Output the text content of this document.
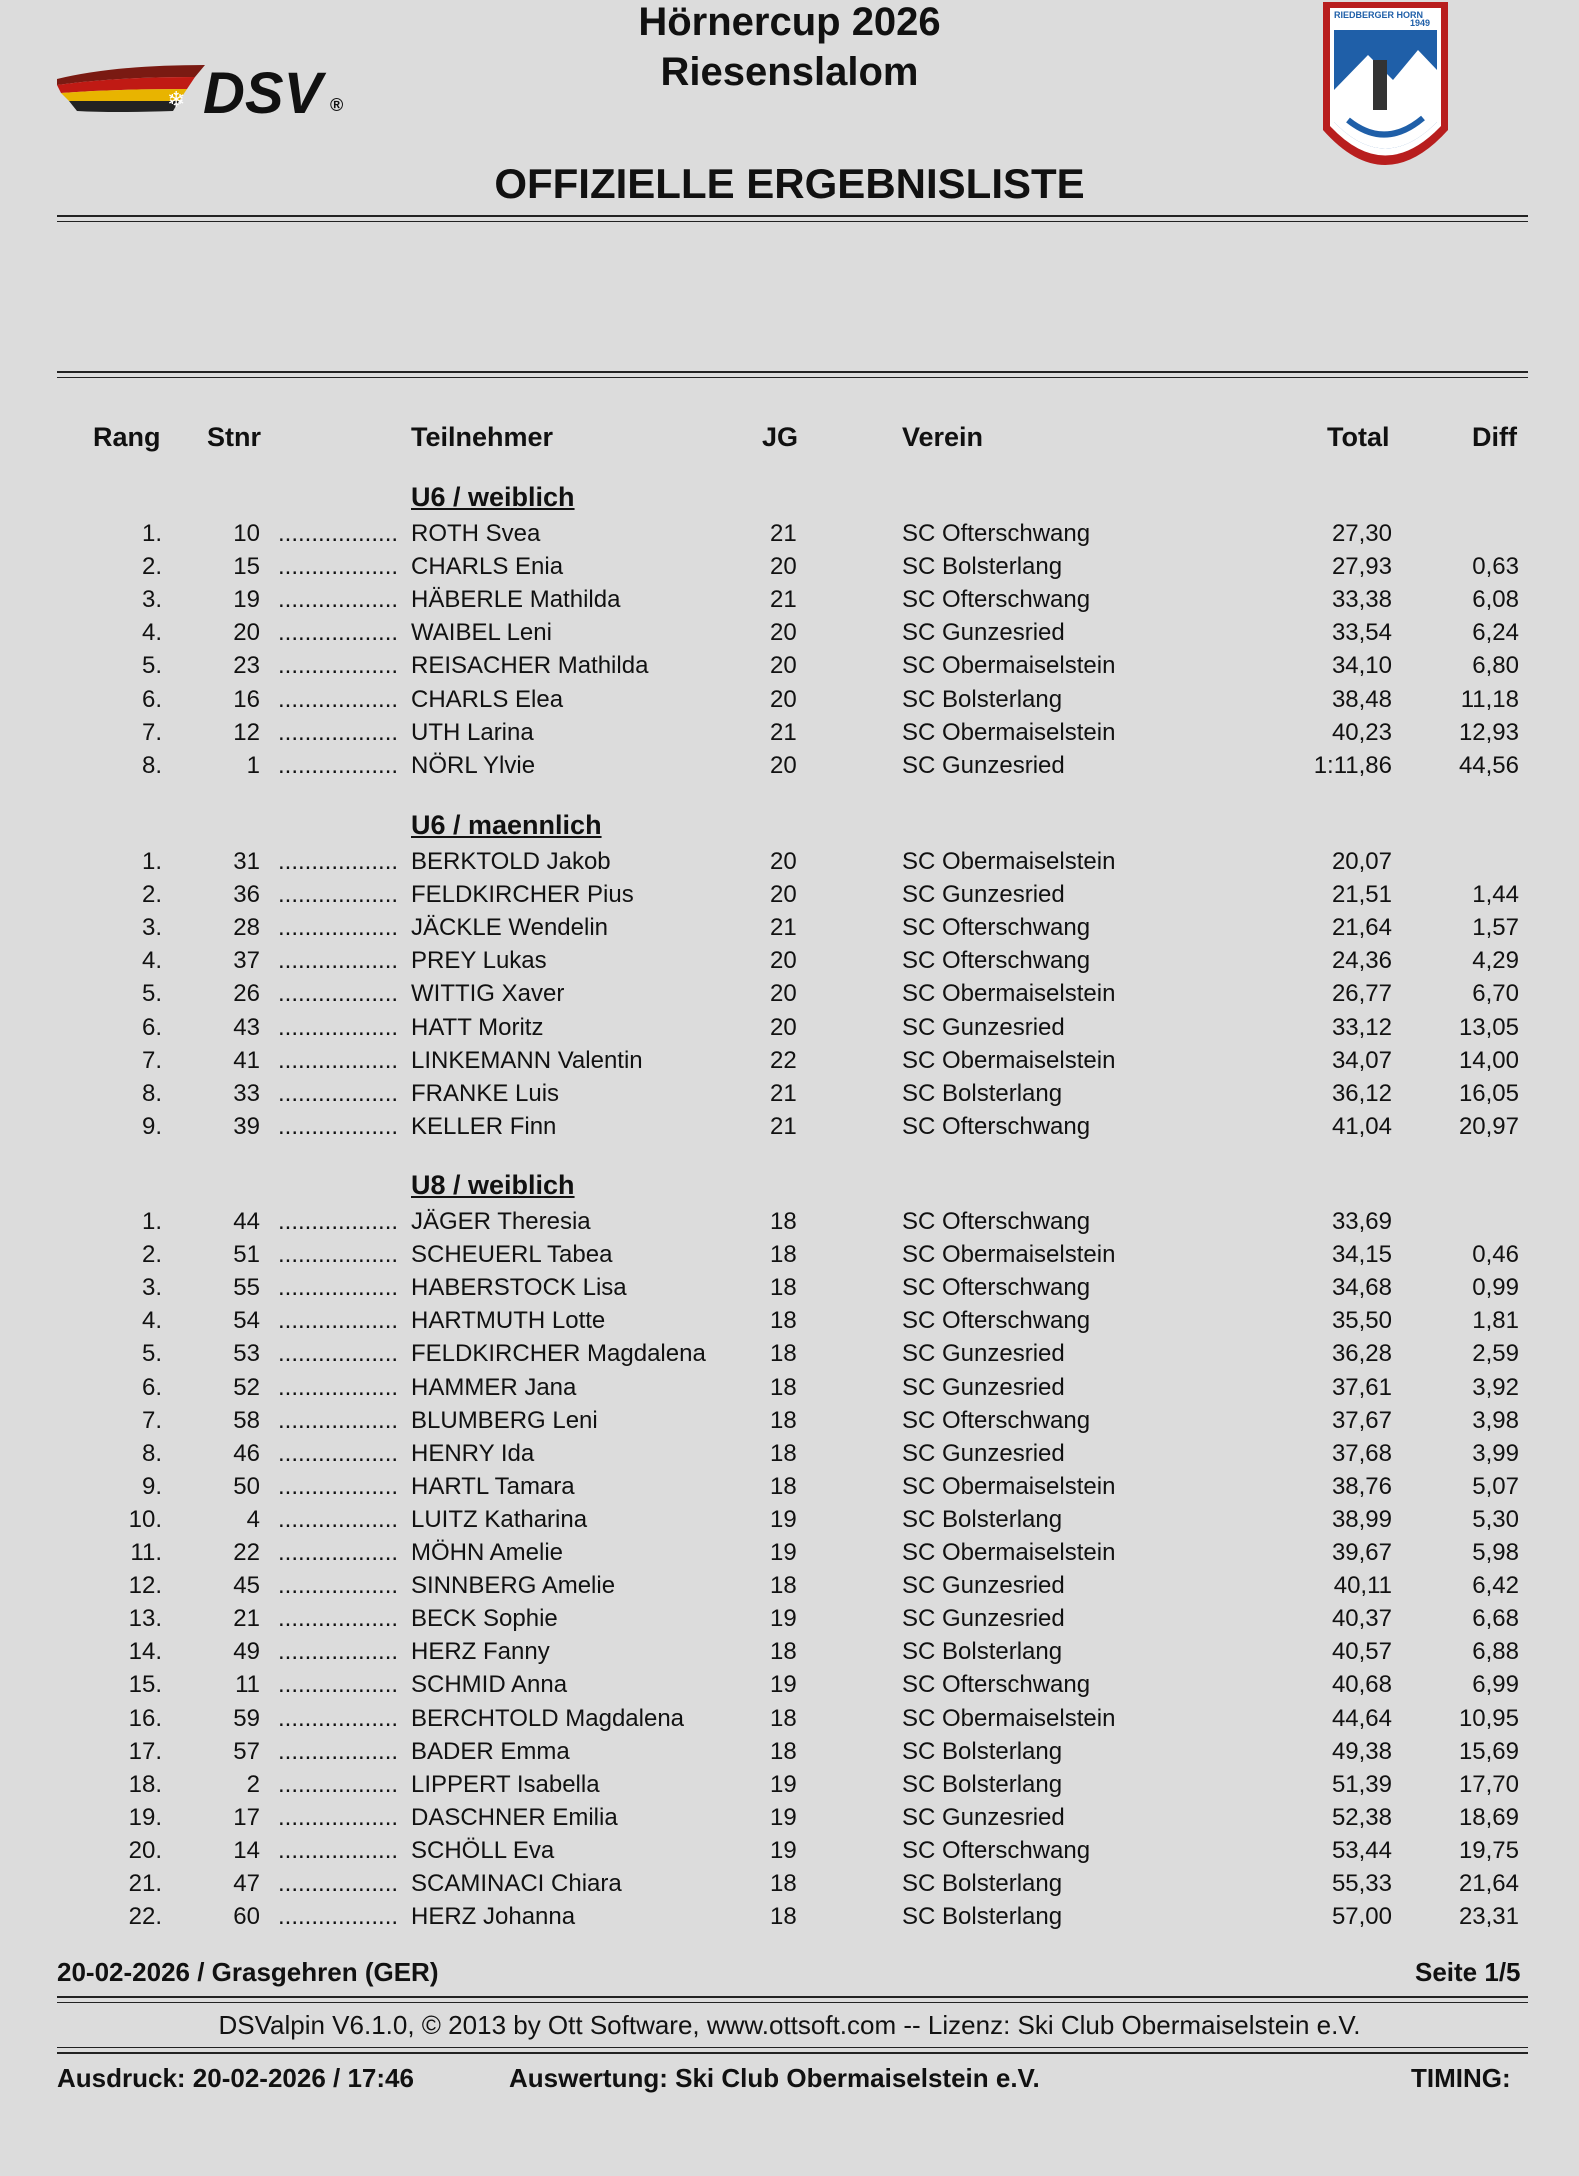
DSV ®
❄
RIEDBERGER HORN
1949
Hörnercup 2026
Riesenslalom
OFFIZIELLE ERGEBNISLISTE
Rang Stnr	Teilnehmer	JG	Verein	Total	Diff
U6 / weiblich
1.	10 .................. ROTH Svea	21	SC Ofterschwang	27,30
2.	15 .................. CHARLS Enia	20	SC Bolsterlang	27,93	0,63
3.	19 .................. HÄBERLE Mathilda	21	SC Ofterschwang	33,38	6,08
4.	20 .................. WAIBEL Leni	20	SC Gunzesried	33,54	6,24
5.	23 .................. REISACHER Mathilda	20	SC Obermaiselstein	34,10	6,80
6.	16 .................. CHARLS Elea	20	SC Bolsterlang	38,48	11,18
7.	12 .................. UTH Larina	21	SC Obermaiselstein	40,23	12,93
8.	1 .................. NÖRL Ylvie	20	SC Gunzesried	1:11,86	44,56
U6 / maennlich
1.	31 .................. BERKTOLD Jakob	20	SC Obermaiselstein	20,07
2.	36 .................. FELDKIRCHER Pius	20	SC Gunzesried	21,51	1,44
3.	28 .................. JÄCKLE Wendelin	21	SC Ofterschwang	21,64	1,57
4.	37 .................. PREY Lukas	20	SC Ofterschwang	24,36	4,29
5.	26 .................. WITTIG Xaver	20	SC Obermaiselstein	26,77	6,70
6.	43 .................. HATT Moritz	20	SC Gunzesried	33,12	13,05
7.	41 .................. LINKEMANN Valentin	22	SC Obermaiselstein	34,07	14,00
8.	33 .................. FRANKE Luis	21	SC Bolsterlang	36,12	16,05
9.	39 .................. KELLER Finn	21	SC Ofterschwang	41,04	20,97
U8 / weiblich
1.	44 .................. JÄGER Theresia	18	SC Ofterschwang	33,69
2.	51 .................. SCHEUERL Tabea	18	SC Obermaiselstein	34,15	0,46
3.	55 .................. HABERSTOCK Lisa	18	SC Ofterschwang	34,68	0,99
4.	54 .................. HARTMUTH Lotte	18	SC Ofterschwang	35,50	1,81
5.	53 .................. FELDKIRCHER Magdalena	18	SC Gunzesried	36,28	2,59
6.	52 .................. HAMMER Jana	18	SC Gunzesried	37,61	3,92
7.	58 .................. BLUMBERG Leni	18	SC Ofterschwang	37,67	3,98
8.	46 .................. HENRY Ida	18	SC Gunzesried	37,68	3,99
9.	50 .................. HARTL Tamara	18	SC Obermaiselstein	38,76	5,07
10.	4 .................. LUITZ Katharina	19	SC Bolsterlang	38,99	5,30
11.	22 .................. MÖHN Amelie	19	SC Obermaiselstein	39,67	5,98
12.	45 .................. SINNBERG Amelie	18	SC Gunzesried	40,11	6,42
13.	21 .................. BECK Sophie	19	SC Gunzesried	40,37	6,68
14.	49 .................. HERZ Fanny	18	SC Bolsterlang	40,57	6,88
15.	11 .................. SCHMID Anna	19	SC Ofterschwang	40,68	6,99
16.	59 .................. BERCHTOLD Magdalena	18	SC Obermaiselstein	44,64	10,95
17.	57 .................. BADER Emma	18	SC Bolsterlang	49,38	15,69
18.	2 .................. LIPPERT Isabella	19	SC Bolsterlang	51,39	17,70
19.	17 .................. DASCHNER Emilia	19	SC Gunzesried	52,38	18,69
20.	14 .................. SCHÖLL Eva	19	SC Ofterschwang	53,44	19,75
21.	47 .................. SCAMINACI Chiara	18	SC Bolsterlang	55,33	21,64
22.	60 .................. HERZ Johanna	18	SC Bolsterlang	57,00	23,31
20-02-2026 / Grasgehren (GER)	Seite 1/5
DSValpin V6.1.0, © 2013 by Ott Software, www.ottsoft.com -- Lizenz: Ski Club Obermaiselstein e.V.
Ausdruck: 20-02-2026 / 17:46	Auswertung: Ski Club Obermaiselstein e.V.	TIMING:
